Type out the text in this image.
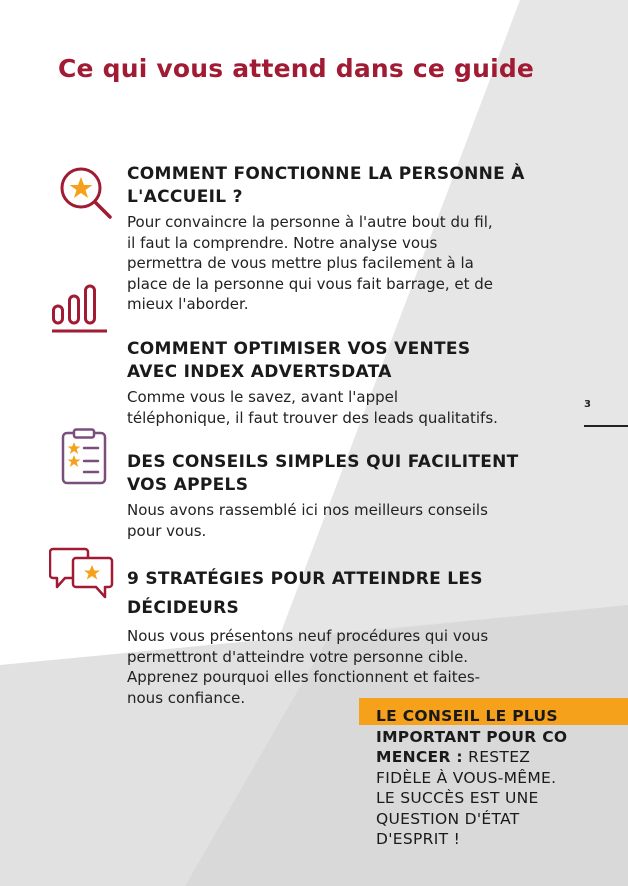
Ce qui vous attend dans ce guide
COMMENT FONCTIONNE LA PERSONNE À L'ACCUEIL ?

Pour convaincre la personne à l'autre bout du fil, il faut la comprendre. Notre analyse vous permettra de vous mettre plus facilement à la place de la personne qui vous fait barrage, et de mieux l'aborder.

COMMENT OPTIMISER VOS VENTES AVEC INDEX ADVERTSDATA

Comme vous le savez, avant l'appel téléphonique, il faut trouver des leads qualitatifs.

DES CONSEILS SIMPLES QUI FACILITENT VOS APPELS

Nous avons rassemblé ici nos meilleurs conseils pour vous.

9 STRATÉGIES POUR ATTEINDRE LES DÉCIDEURS

Nous vous présentons neuf procédures qui vous permettront d'atteindre votre personne cible. Apprenez pourquoi elles fonctionnent et faites-nous confiance.

3
LE CONSEIL LE PLUS
IMPORTANT POUR CO
MENCER : RESTEZ
FIDÈLE À VOUS-MÊME.
LE SUCCÈS EST UNE
QUESTION D'ÉTAT
D'ESPRIT !
